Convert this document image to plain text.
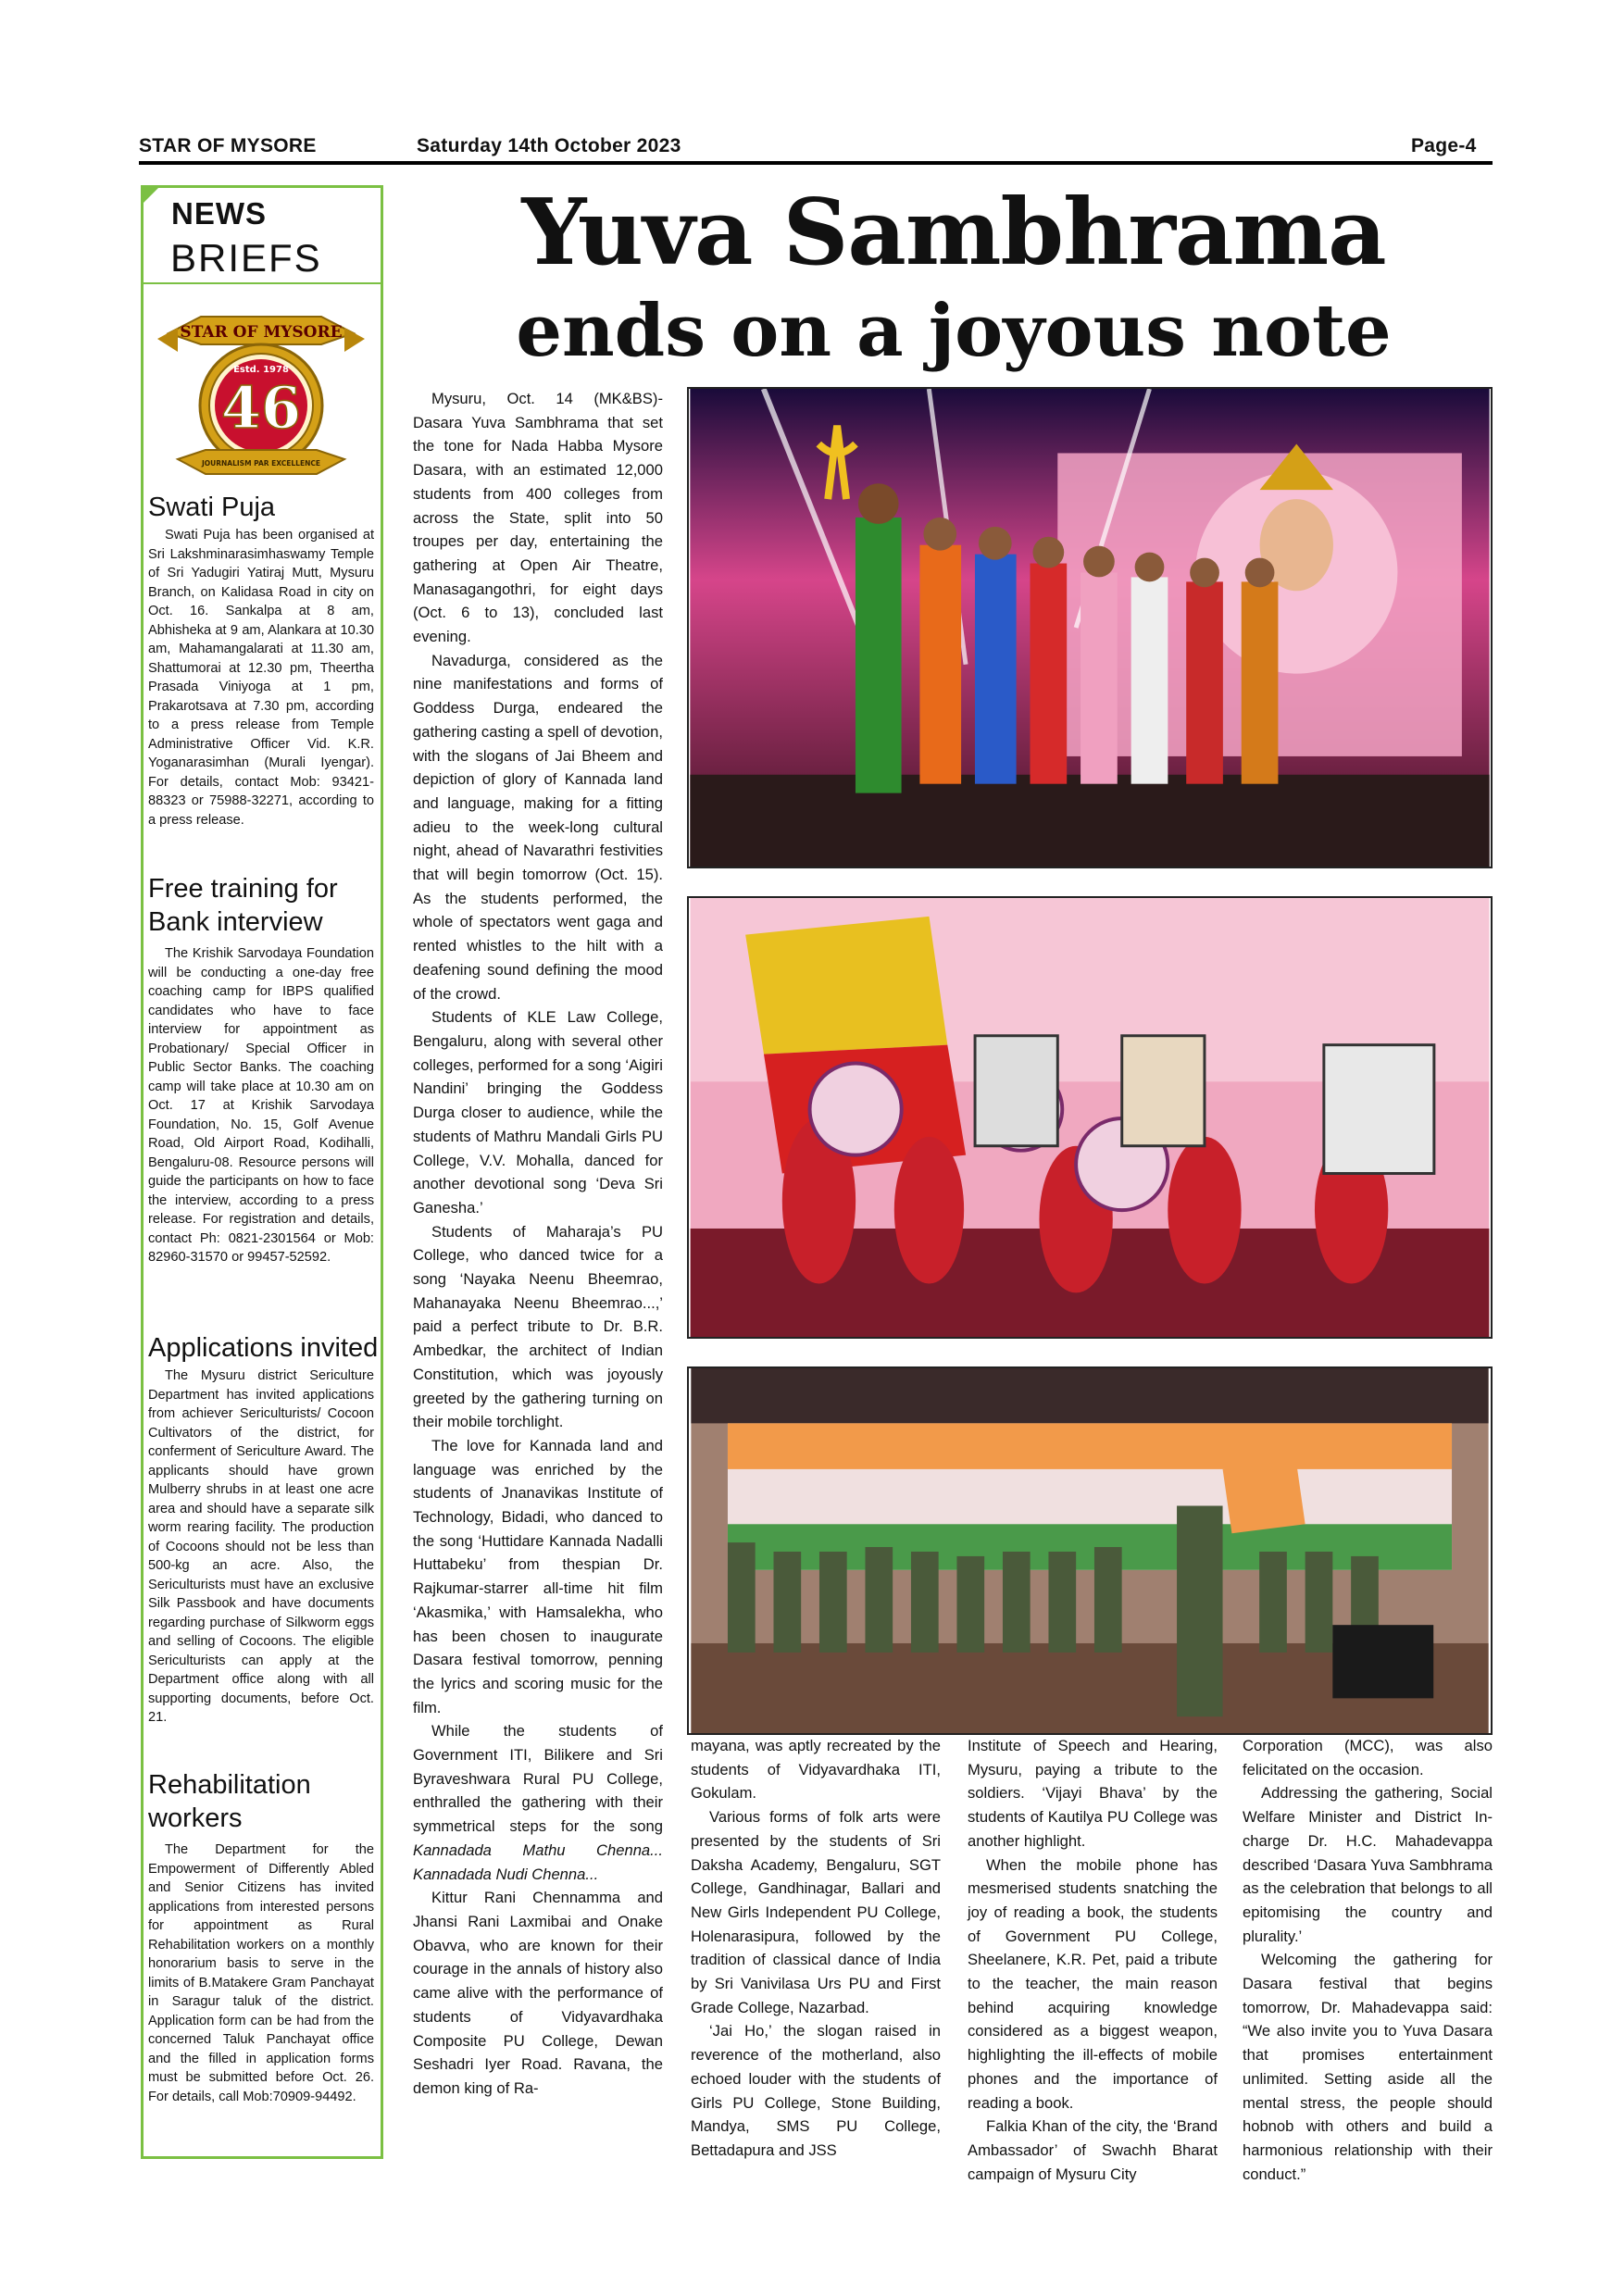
STAR OF MYSORE	Saturday 14th October 2023	Page-4
NEWS
BRIEFS
STAR OF MYSORE
Estd. 1978
46
JOURNALISM PAR EXCELLENCE
Swati Puja

Swati Puja has been organised at Sri Lakshminarasimhaswamy Temple of Sri Yadugiri Yatiraj Mutt, Mysuru Branch, on Kalidasa Road in city on Oct. 16. Sankalpa at 8 am, Abhisheka at 9 am, Alankara at 10.30 am, Mahamangalarati at 11.30 am, Shattumorai at 12.30 pm, Theertha Prasada Viniyoga at 1 pm, Prakarotsava at 7.30 pm, according to a press release from Temple Administrative Officer Vid. K.R. Yoganarasimhan (Murali Iyengar). For details, contact Mob: 93421-88323 or 75988-32271, according to a press release.

Free training for Bank interview

The Krishik Sarvodaya Foundation will be conducting a one-day free coaching camp for IBPS qualified candidates who have to face interview for appointment as Probationary/ Special Officer in Public Sector Banks. The coaching camp will take place at 10.30 am on Oct. 17 at Krishik Sarvodaya Foundation, No. 15, Golf Avenue Road, Old Airport Road, Kodihalli, Bengaluru-08. Resource persons will guide the participants on how to face the interview, according to a press release. For registration and details, contact Ph: 0821-2301564 or Mob: 82960-31570 or 99457-52592.

Applications invited

The Mysuru district Sericulture Department has invited applications from achiever Sericulturists/ Cocoon Cultivators of the district, for conferment of Sericulture Award. The applicants should have grown Mulberry shrubs in at least one acre area and should have a separate silk worm rearing facility. The production of Cocoons should not be less than 500-kg an acre. Also, the Sericulturists must have an exclusive Silk Passbook and have documents regarding purchase of Silkworm eggs and selling of Cocoons. The eligible Sericulturists can apply at the Department office along with all supporting documents, before Oct. 21.

Rehabilitation workers

The Department for the Empowerment of Differently Abled and Senior Citizens has invited applications from interested persons for appointment as Rural Rehabilitation workers on a monthly honorarium basis to serve in the limits of B.Matakere Gram Panchayat in Saragur taluk of the district. Application form can be had from the concerned Taluk Panchayat office and the filled in application forms must be submitted before Oct. 26. For details, call Mob:70909-94492.

Yuva Sambhrama
ends on a joyous note

Mysuru, Oct. 14 (MK&BS)- Dasara Yuva Sambhrama that set the tone for Nada Habba Mysore Dasara, with an estimated 12,000 students from 400 colleges from across the State, split into 50 troupes per day, entertaining the gathering at Open Air Theatre, Manasagangothri, for eight days (Oct. 6 to 13), concluded last evening.

Navadurga, considered as the nine manifestations and forms of Goddess Durga, endeared the gathering casting a spell of devotion, with the slogans of Jai Bheem and depiction of glory of Kannada land and language, making for a fitting adieu to the week-long cultural night, ahead of Navarathri festivities that will begin tomorrow (Oct. 15). As the students performed, the whole of spectators went gaga and rented whistles to the hilt with a deafening sound defining the mood of the crowd.

Students of KLE Law College, Bengaluru, along with several other colleges, performed for a song ‘Aigiri Nandini’ bringing the Goddess Durga closer to audience, while the students of Mathru Mandali Girls PU College, V.V. Mohalla, danced for another devotional song ‘Deva Sri Ganesha.’

Students of Maharaja’s PU College, who danced twice for a song ‘Nayaka Neenu Bheemrao, Mahanayaka Neenu Bheemrao...,’ paid a perfect tribute to Dr. B.R. Ambedkar, the architect of Indian Constitution, which was joyously greeted by the gathering turning on their mobile torchlight.

The love for Kannada land and language was enriched by the students of Jnanavikas Institute of Technology, Bidadi, who danced to the song ‘Huttidare Kannada Nadalli Huttabeku’ from thespian Dr. Rajkumar-starrer all-time hit film ‘Akasmika,’ with Hamsalekha, who has been chosen to inaugurate Dasara festival tomorrow, penning the lyrics and scoring music for the film.

While the students of Government ITI, Bilikere and Sri Byraveshwara Rural PU College, enthralled the gathering with their symmetrical steps for the song Kannadada Mathu Chenna... Kannadada Nudi Chenna...

Kittur Rani Chennamma and Jhansi Rani Laxmibai and Onake Obavva, who are known for their courage in the annals of history also came alive with the performance of students of Vidyavardhaka Composite PU College, Dewan Seshadri Iyer Road. Ravana, the demon king of Ra-

mayana, was aptly recreated by the students of Vidyavardhaka ITI, Gokulam.

Various forms of folk arts were presented by the students of Sri Daksha Academy, Bengaluru, SGT College, Gandhinagar, Ballari and New Girls Independent PU College, Holenarasipura, followed by the tradition of classical dance of India by Sri Vanivilasa Urs PU and First Grade College, Nazarbad.

‘Jai Ho,’ the slogan raised in reverence of the motherland, also echoed louder with the students of Girls PU College, Stone Building, Mandya, SMS PU College, Bettadapura and JSS

Institute of Speech and Hearing, Mysuru, paying a tribute to the soldiers. ‘Vijayi Bhava’ by the students of Kautilya PU College was another highlight.

When the mobile phone has mesmerised students snatching the joy of reading a book, the students of Government PU College, Sheelanere, K.R. Pet, paid a tribute to the teacher, the main reason behind acquiring knowledge considered as a biggest weapon, highlighting the ill-effects of mobile phones and the importance of reading a book.

Falkia Khan of the city, the ‘Brand Ambassador’ of Swachh Bharat campaign of Mysuru City

Corporation (MCC), was also felicitated on the occasion.

Addressing the gathering, Social Welfare Minister and District In-charge Dr. H.C. Mahadevappa described ‘Dasara Yuva Sambhrama as the celebration that belongs to all epitomising the country and plurality.’

Welcoming the gathering for Dasara festival that begins tomorrow, Dr. Mahadevappa said: “We also invite you to Yuva Dasara that promises entertainment unlimited. Setting aside all the mental stress, the people should hobnob with others and build a harmonious relationship with their conduct.”
